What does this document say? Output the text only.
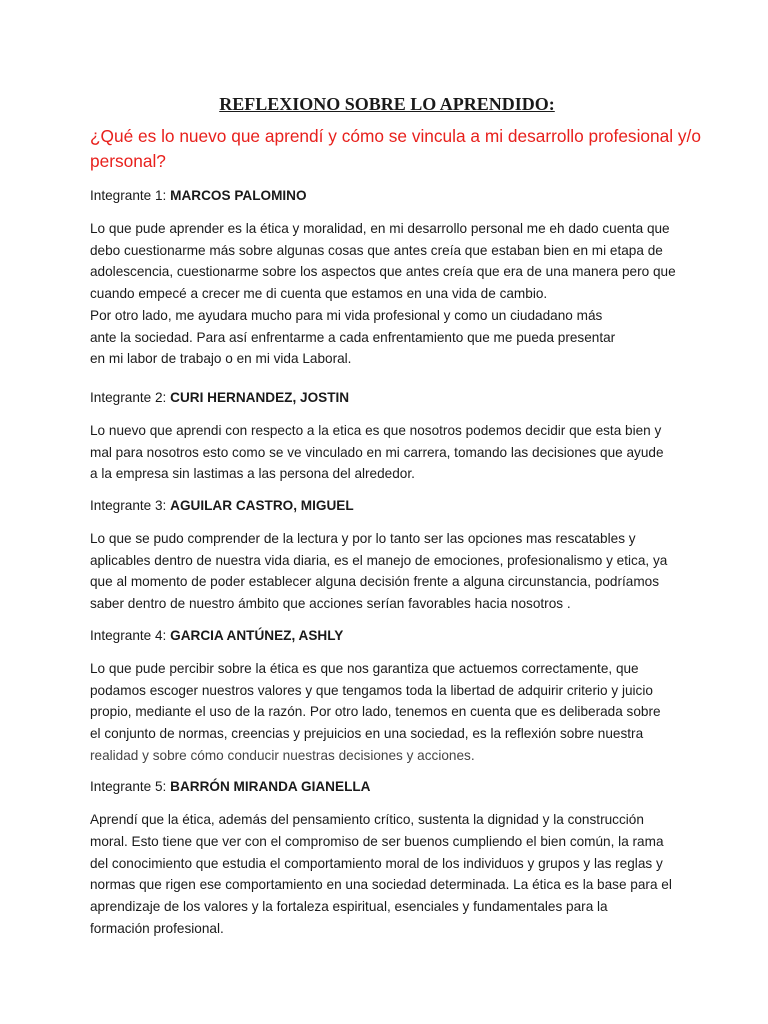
REFLEXIONO SOBRE LO APRENDIDO:

¿Qué es lo nuevo que aprendí y cómo se vincula a mi desarrollo profesional y/o
personal?

Integrante 1: MARCOS PALOMINO

Lo que pude aprender es la ética y moralidad, en mi desarrollo personal me eh dado cuenta que
debo cuestionarme más sobre algunas cosas que antes creía que estaban bien en mi etapa de
adolescencia, cuestionarme sobre los aspectos que antes creía que era de una manera pero que
cuando empecé a crecer me di cuenta que estamos en una vida de cambio.
Por otro lado, me ayudara mucho para mi vida profesional y como un ciudadano más
ante la sociedad. Para así enfrentarme a cada enfrentamiento que me pueda presentar
en mi labor de trabajo o en mi vida Laboral.

Integrante 2: CURI HERNANDEZ, JOSTIN

Lo nuevo que aprendi con respecto a la etica es que nosotros podemos decidir que esta bien y
mal para nosotros esto como se ve vinculado en mi carrera, tomando las decisiones que ayude
a la empresa sin lastimas a las persona del alrededor.

Integrante 3: AGUILAR CASTRO, MIGUEL

Lo que se pudo comprender de la lectura y por lo tanto ser las opciones mas rescatables y
aplicables dentro de nuestra vida diaria, es el manejo de emociones, profesionalismo y etica, ya
que al momento de poder establecer alguna decisión frente a alguna circunstancia, podríamos
saber dentro de nuestro ámbito que acciones serían favorables hacia nosotros .

Integrante 4: GARCIA ANTÚNEZ, ASHLY

Lo que pude percibir sobre la ética es que nos garantiza que actuemos correctamente, que
podamos escoger nuestros valores y que tengamos toda la libertad de adquirir criterio y juicio
propio, mediante el uso de la razón. Por otro lado, tenemos en cuenta que es deliberada sobre
el conjunto de normas, creencias y prejuicios en una sociedad, es la reflexión sobre nuestra
realidad y sobre cómo conducir nuestras decisiones y acciones.

Integrante 5: BARRÓN MIRANDA GIANELLA

Aprendí que la ética, además del pensamiento crítico, sustenta la dignidad y la construcción
moral. Esto tiene que ver con el compromiso de ser buenos cumpliendo el bien común, la rama
del conocimiento que estudia el comportamiento moral de los individuos y grupos y las reglas y
normas que rigen ese comportamiento en una sociedad determinada. La ética es la base para el
aprendizaje de los valores y la fortaleza espiritual, esenciales y fundamentales para la
formación profesional.
